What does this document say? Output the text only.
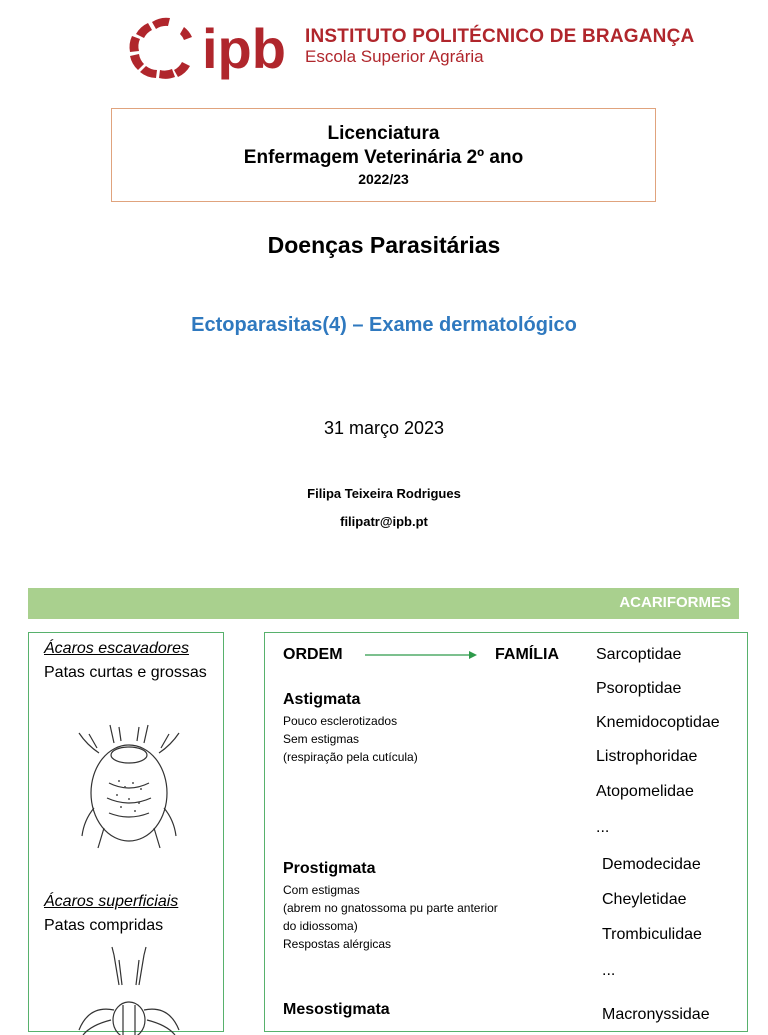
ipb INSTITUTO POLITÉCNICO DE BRAGANÇA
Escola Superior Agrária
Licenciatura
Enfermagem Veterinária 2º ano
2022/23
Doenças Parasitárias
Ectoparasitas(4) – Exame dermatológico
31 março 2023
Filipa Teixeira Rodrigues
filipatr@ipb.pt
ACARIFORMES
Ácaros escavadores
Patas curtas e grossas
Ácaros superficiais
Patas compridas
ORDEM	FAMÍLIA
Astigmata
Pouco esclerotizados
Sem estigmas
(respiração pela cutícula)
Sarcoptidae
Psoroptidae
Knemidocoptidae
Listrophoridae
Atopomelidae
...
Prostigmata
Com estigmas
(abrem no gnatossoma pu parte anterior
do idiossoma)
Respostas alérgicas
Demodecidae
Cheyletidae
Trombiculidae
...
Mesostigmata	Macronyssidae
